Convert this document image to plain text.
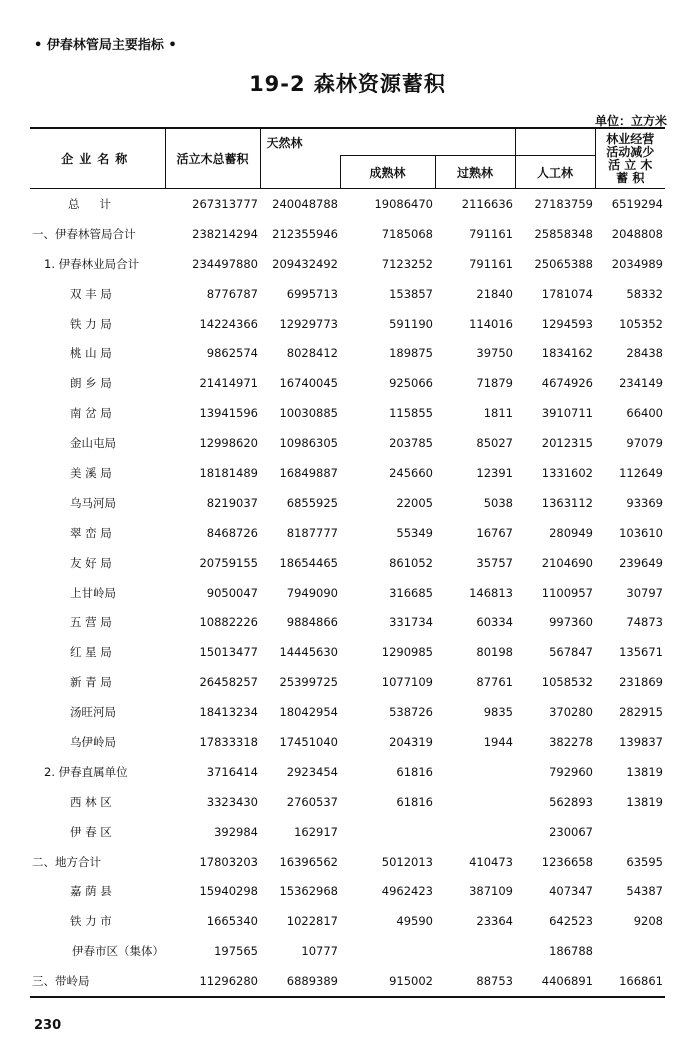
• 伊春林管局主要指标 •
19-2 森林资源蓄积
单位：立方米
企业名称	活立木总蓄积	天然林				林业经营
活动减少
活 立 木
蓄 积

			成熟林	过熟林	人工林	
总计	267313777	240048788	19086470	2116636	27183759	6519294
一、伊春林管局合计	238214294	212355946	7185068	791161	25858348	2048808
1. 伊春林业局合计	234497880	209432492	7123252	791161	25065388	2034989
双 丰 局	8776787	6995713	153857	21840	1781074	58332
铁 力 局	14224366	12929773	591190	114016	1294593	105352
桃 山 局	9862574	8028412	189875	39750	1834162	28438
朗 乡 局	21414971	16740045	925066	71879	4674926	234149
南 岔 局	13941596	10030885	115855	1811	3910711	66400
金山屯局	12998620	10986305	203785	85027	2012315	97079
美 溪 局	18181489	16849887	245660	12391	1331602	112649
乌马河局	8219037	6855925	22005	5038	1363112	93369
翠 峦 局	8468726	8187777	55349	16767	280949	103610
友 好 局	20759155	18654465	861052	35757	2104690	239649
上甘岭局	9050047	7949090	316685	146813	1100957	30797
五 营 局	10882226	9884866	331734	60334	997360	74873
红 星 局	15013477	14445630	1290985	80198	567847	135671
新 青 局	26458257	25399725	1077109	87761	1058532	231869
汤旺河局	18413234	18042954	538726	9835	370280	282915
乌伊岭局	17833318	17451040	204319	1944	382278	139837
2. 伊春直属单位	3716414	2923454	61816		792960	13819
西 林 区	3323430	2760537	61816		562893	13819
伊 春 区	392984	162917			230067	
二、地方合计	17803203	16396562	5012013	410473	1236658	63595
嘉 荫 县	15940298	15362968	4962423	387109	407347	54387
铁 力 市	1665340	1022817	49590	23364	642523	9208
伊春市区（集体）	197565	10777			186788	
三、带岭局	11296280	6889389	915002	88753	4406891	166861
230
